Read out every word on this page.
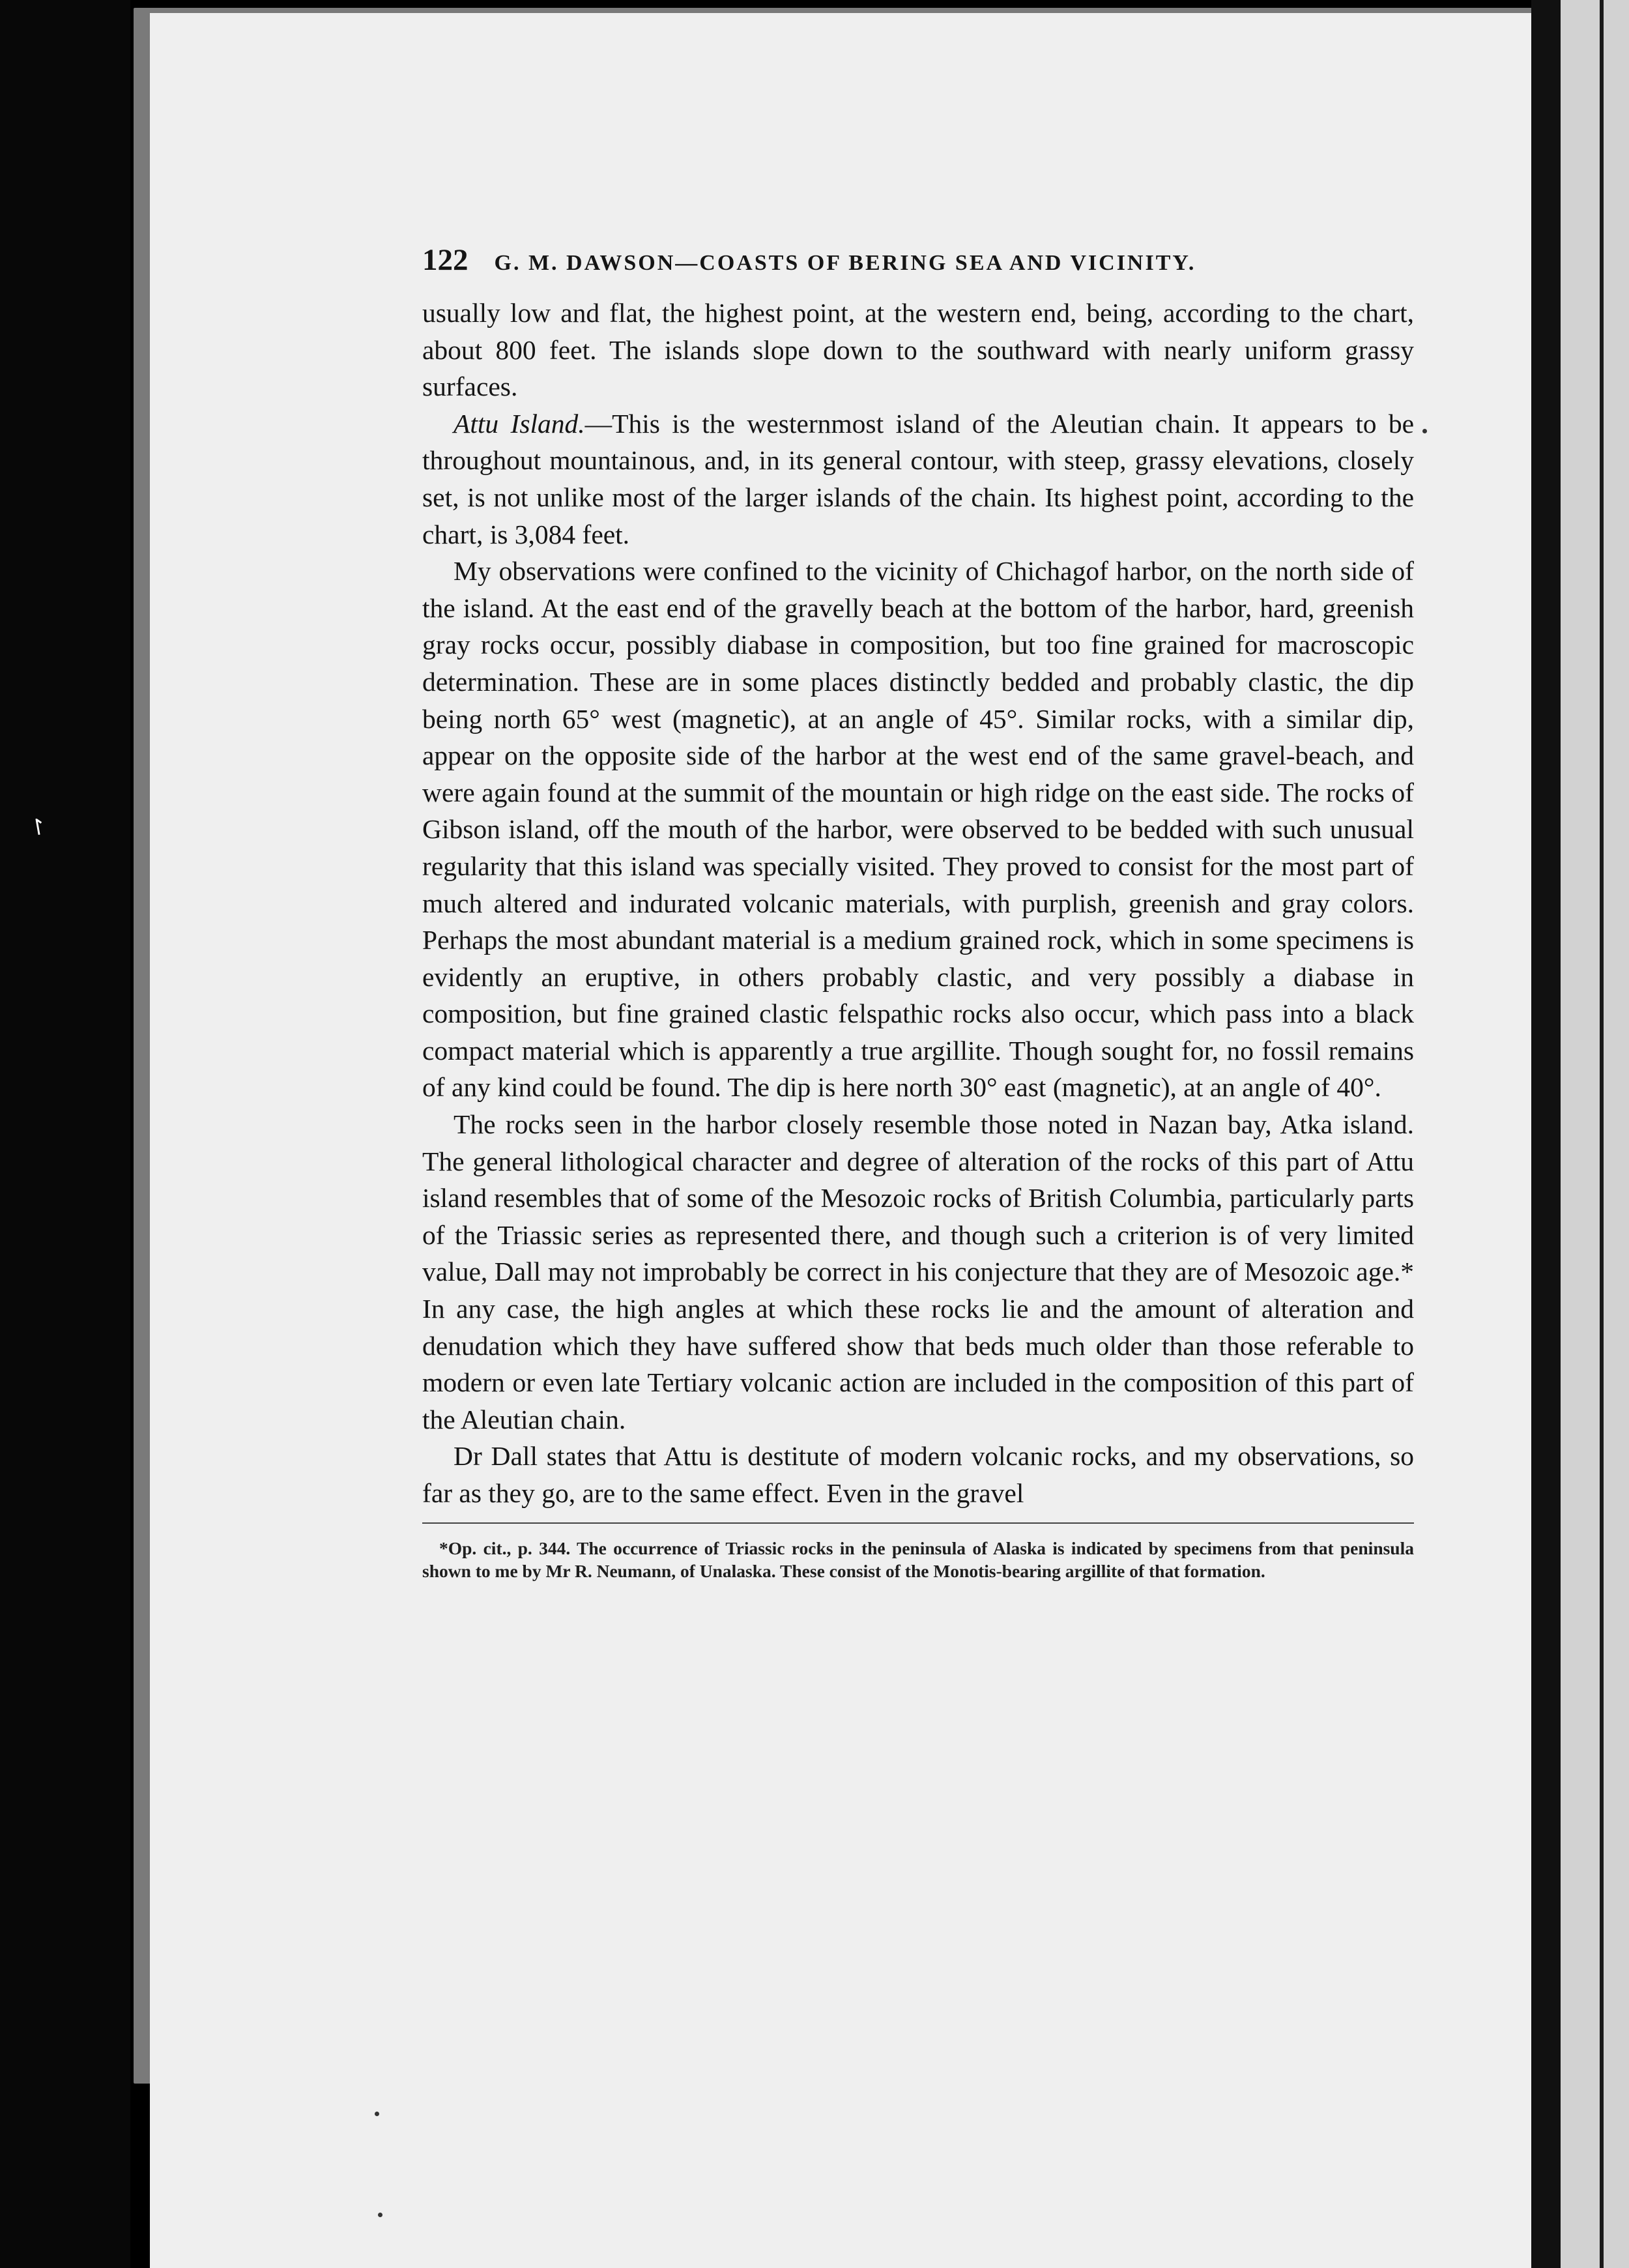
↾
122 G. M. DAWSON—COASTS OF BERING SEA AND VICINITY.

usually low and flat, the highest point, at the western end, being, according to the chart, about 800 feet. The islands slope down to the southward with nearly uniform grassy surfaces.

Attu Island.—This is the westernmost island of the Aleutian chain. It appears to be throughout mountainous, and, in its general contour, with steep, grassy elevations, closely set, is not unlike most of the larger islands of the chain. Its highest point, according to the chart, is 3,084 feet.

My observations were confined to the vicinity of Chichagof harbor, on the north side of the island. At the east end of the gravelly beach at the bottom of the harbor, hard, greenish gray rocks occur, possibly diabase in composition, but too fine grained for macroscopic determination. These are in some places distinctly bedded and probably clastic, the dip being north 65° west (magnetic), at an angle of 45°. Similar rocks, with a similar dip, appear on the opposite side of the harbor at the west end of the same gravel-beach, and were again found at the summit of the mountain or high ridge on the east side. The rocks of Gibson island, off the mouth of the harbor, were observed to be bedded with such unusual regularity that this island was specially visited. They proved to consist for the most part of much altered and indurated volcanic materials, with purplish, greenish and gray colors. Perhaps the most abundant material is a medium grained rock, which in some specimens is evidently an eruptive, in others probably clastic, and very possibly a diabase in composition, but fine grained clastic felspathic rocks also occur, which pass into a black compact material which is apparently a true argillite. Though sought for, no fossil remains of any kind could be found. The dip is here north 30° east (magnetic), at an angle of 40°.

The rocks seen in the harbor closely resemble those noted in Nazan bay, Atka island. The general lithological character and degree of alteration of the rocks of this part of Attu island resembles that of some of the Mesozoic rocks of British Columbia, particularly parts of the Triassic series as represented there, and though such a criterion is of very limited value, Dall may not improbably be correct in his conjecture that they are of Mesozoic age.* In any case, the high angles at which these rocks lie and the amount of alteration and denudation which they have suffered show that beds much older than those referable to modern or even late Tertiary volcanic action are included in the composition of this part of the Aleutian chain.

Dr Dall states that Attu is destitute of modern volcanic rocks, and my observations, so far as they go, are to the same effect. Even in the gravel

*Op. cit., p. 344. The occurrence of Triassic rocks in the peninsula of Alaska is indicated by specimens from that peninsula shown to me by Mr R. Neumann, of Unalaska. These consist of the Monotis-bearing argillite of that formation.
